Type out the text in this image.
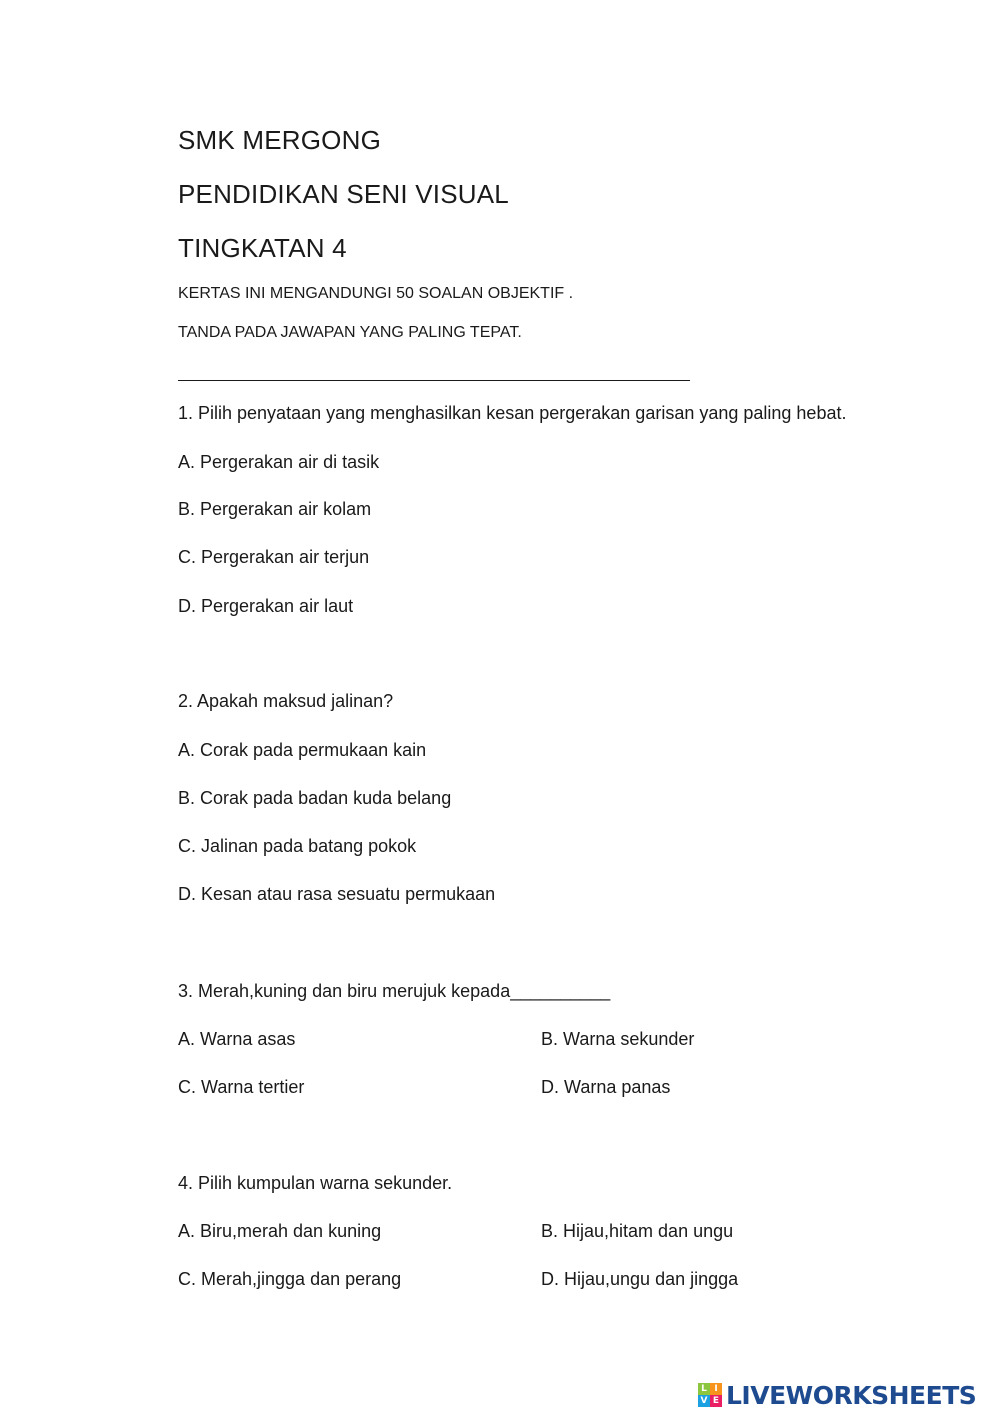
SMK MERGONG
PENDIDIKAN SENI VISUAL
TINGKATAN 4
KERTAS INI MENGANDUNGI 50 SOALAN OBJEKTIF .
TANDA PADA JAWAPAN YANG PALING TEPAT.
1. Pilih penyataan yang menghasilkan kesan pergerakan garisan yang paling hebat.
A. Pergerakan air di tasik
B. Pergerakan air kolam
C. Pergerakan air terjun
D. Pergerakan air laut
2. Apakah maksud jalinan?
A. Corak pada permukaan kain
B. Corak pada badan kuda belang
C. Jalinan pada batang pokok
D. Kesan atau rasa sesuatu permukaan
3. Merah,kuning dan biru merujuk kepada__________
A. Warna asas	B. Warna sekunder
C. Warna tertier	D. Warna panas
4. Pilih kumpulan warna sekunder.
A. Biru,merah dan kuning	B. Hijau,hitam dan ungu
C. Merah,jingga dan perang	D. Hijau,ungu dan jingga
L I
V E LIVEWORKSHEETS
